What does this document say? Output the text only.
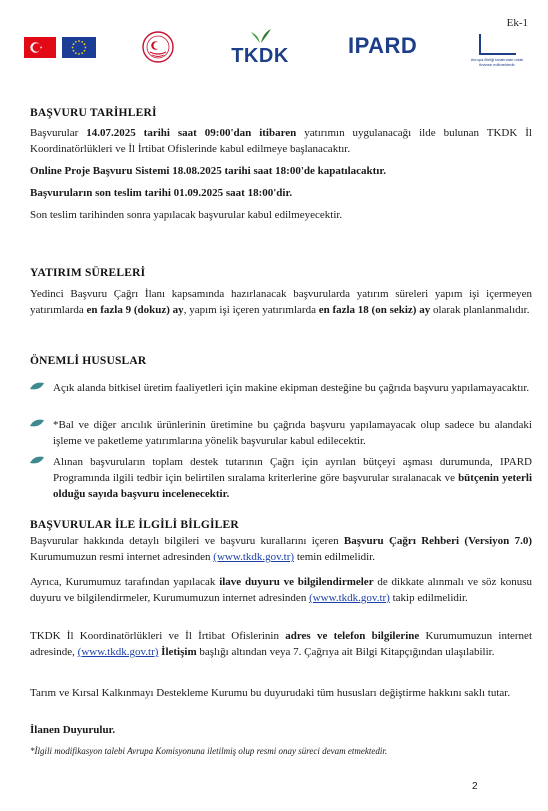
Ek-1
TKDK	IPARD
Avrupa Birliği tarafından ortak finanse edilmektedir
BAŞVURU TARİHLERİ
Başvurular 14.07.2025 tarihi saat 09:00'dan itibaren yatırımın uygulanacağı ilde bulunan TKDK İl Koordinatörlükleri ve İl İrtibat Ofislerinde kabul edilmeye başlanacaktır.
Online Proje Başvuru Sistemi 18.08.2025 tarihi saat 18:00'de kapatılacaktır.
Başvuruların son teslim tarihi 01.09.2025 saat 18:00'dir.
Son teslim tarihinden sonra yapılacak başvurular kabul edilmeyecektir.
YATIRIM SÜRELERİ
Yedinci Başvuru Çağrı İlanı kapsamında hazırlanacak başvurularda yatırım süreleri yapım işi içermeyen yatırımlarda en fazla 9 (dokuz) ay, yapım işi içeren yatırımlarda en fazla 18 (on sekiz) ay olarak planlanmalıdır.
ÖNEMLİ HUSUSLAR
Açık alanda bitkisel üretim faaliyetleri için makine ekipman desteğine bu çağrıda başvuru yapılamayacaktır.
*Bal ve diğer arıcılık ürünlerinin üretimine bu çağrıda başvuru yapılamayacak olup sadece bu alandaki işleme ve paketleme yatırımlarına yönelik başvurular kabul edilecektir.
Alınan başvuruların toplam destek tutarının Çağrı için ayrılan bütçeyi aşması durumunda, IPARD Programında ilgili tedbir için belirtilen sıralama kriterlerine göre başvurular sıralanacak ve bütçenin yeterli olduğu sayıda başvuru incelenecektir.
BAŞVURULAR İLE İLGİLİ BİLGİLER
Başvurular hakkında detaylı bilgileri ve başvuru kurallarını içeren Başvuru Çağrı Rehberi (Versiyon 7.0) Kurumumuzun resmi internet adresinden (www.tkdk.gov.tr) temin edilmelidir.
Ayrıca, Kurumumuz tarafından yapılacak ilave duyuru ve bilgilendirmeler de dikkate alınmalı ve söz konusu duyuru ve bilgilendirmeler, Kurumumuzun internet adresinden (www.tkdk.gov.tr) takip edilmelidir.
TKDK İl Koordinatörlükleri ve İl İrtibat Ofislerinin adres ve telefon bilgilerine Kurumumuzun internet adresinde, (www.tkdk.gov.tr) İletişim başlığı altından veya 7. Çağrıya ait Bilgi Kitapçığından ulaşılabilir.
Tarım ve Kırsal Kalkınmayı Destekleme Kurumu bu duyurudaki tüm hususları değiştirme hakkını saklı tutar.
İlanen Duyurulur.
*İlgili modifikasyon talebi Avrupa Komisyonuna iletilmiş olup resmi onay süreci devam etmektedir.
2
